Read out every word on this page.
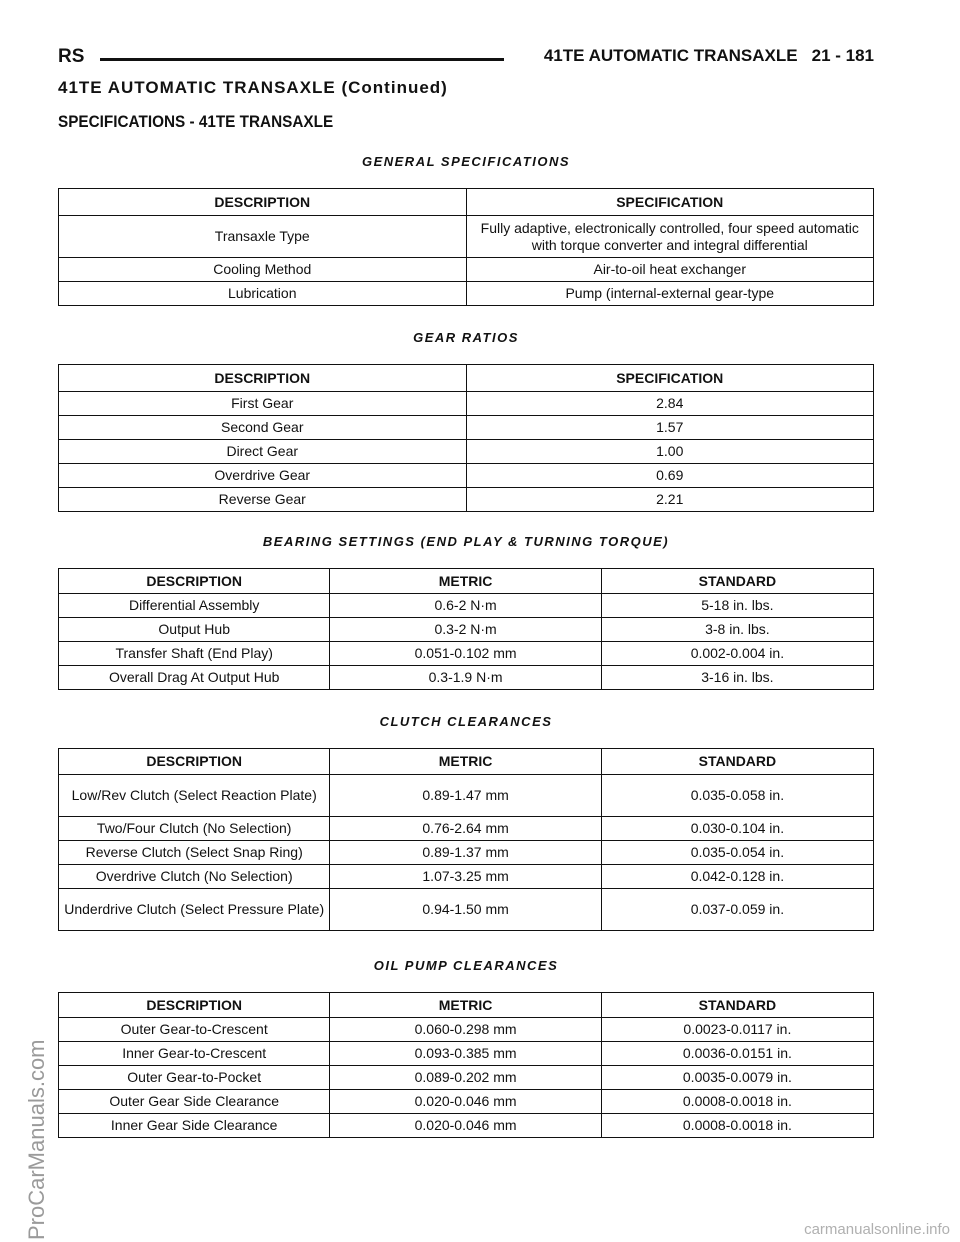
RS	41TE AUTOMATIC TRANSAXLE 21 - 181
41TE AUTOMATIC TRANSAXLE (Continued)
SPECIFICATIONS - 41TE TRANSAXLE
GENERAL SPECIFICATIONS
DESCRIPTION	SPECIFICATION
Transaxle Type	Fully adaptive, electronically controlled, four speed automatic with torque converter and integral differential
Cooling Method	Air-to-oil heat exchanger
Lubrication	Pump (internal-external gear-type
GEAR RATIOS
DESCRIPTION	SPECIFICATION
First Gear	2.84
Second Gear	1.57
Direct Gear	1.00
Overdrive Gear	0.69
Reverse Gear	2.21
BEARING SETTINGS (END PLAY & TURNING TORQUE)
DESCRIPTION	METRIC	STANDARD
Differential Assembly	0.6-2 N·m	5-18 in. lbs.
Output Hub	0.3-2 N·m	3-8 in. lbs.
Transfer Shaft (End Play)	0.051-0.102 mm	0.002-0.004 in.
Overall Drag At Output Hub	0.3-1.9 N·m	3-16 in. lbs.
CLUTCH CLEARANCES
DESCRIPTION	METRIC	STANDARD
Low/Rev Clutch (Select Reaction Plate)	0.89-1.47 mm	0.035-0.058 in.
Two/Four Clutch (No Selection)	0.76-2.64 mm	0.030-0.104 in.
Reverse Clutch (Select Snap Ring)	0.89-1.37 mm	0.035-0.054 in.
Overdrive Clutch (No Selection)	1.07-3.25 mm	0.042-0.128 in.
Underdrive Clutch (Select Pressure Plate)	0.94-1.50 mm	0.037-0.059 in.
OIL PUMP CLEARANCES
DESCRIPTION	METRIC	STANDARD
Outer Gear-to-Crescent	0.060-0.298 mm	0.0023-0.0117 in.
Inner Gear-to-Crescent	0.093-0.385 mm	0.0036-0.0151 in.
Outer Gear-to-Pocket	0.089-0.202 mm	0.0035-0.0079 in.
Outer Gear Side Clearance	0.020-0.046 mm	0.0008-0.0018 in.
Inner Gear Side Clearance	0.020-0.046 mm	0.0008-0.0018 in.
ProCarManuals.com	carmanualsonline.info
